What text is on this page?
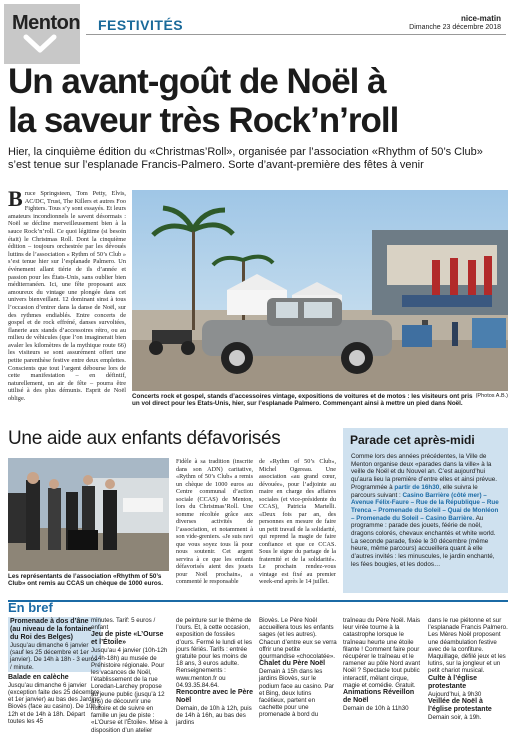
Menton FESTIVITÉS	nice-matin
Dimanche 23 décembre 2018
Un avant-goût de Noël à
la saveur très Rock’n’roll
Hier, la cinquième édition du «Christmas’Roll», organisée par l’association «Rhythm of 50’s Club» s’est tenue sur l’esplanade Francis-Palmero. Sorte d’avant-première des fêtes à venir
Bruce Springsteen, Tom Petty, Elvis, AC/DC, Trust, The Killers et autres Foo Fighters. Tous s’y sont essayés. Et leurs amateurs incondionnels le savent désormais : Noël se déclinе merveilleusement bien à la sauce Rock’n’roll. Ce quoi légitime (si besoin était) le Christmas Roll. Dont la cinquième édition – toujours orchestrée par les dévoués luttins de l’association « Rythm of 50’s Club » s’est tenue hier sur l’esplanade Palmero. Un événement allant tiérie de ils d’année et passion pour les États-Unis, sans oublier bien méditerranéen. Ici, une fête proposant aux amoureux du vintage une plongée dans cet univers bienveillant. 12 dominant sinst à tous l’occasion d’entrer dans la danse de Noël, sur des rythmes endiablés. Entre concerts de gospel et de rock effréné, danses survoltées, flanerie aux stands d’accessoires rétro, ou au milieu de véhicules (que l’on imaginerait bien avaler les kilomètres de la mythique route 66) les visiteurs se sont assurément offert une petite parenthèse festive entre deux emplettes. Conscients que tout l’argent débourse lors de cette manifestation – en défintif, naturellement, un air de fête – pourra être utilisé à des plus démunis. Esprit de Noël oblige.	(Photos A.B.)
Concerts rock et gospel, stands d’accessoires vintage, expositions de voitures et de motos : les visiteurs ont pris un vol direct pour les Etats-Unis, hier, sur l’esplanade Palmero. Commençant ainsi à mettre un pied dans Noël.
Une aide aux enfants défavorisés
Les représentants de l’association «Rhythm of 50’s Club» ont remis au CCAS un chèque de 1000 euros.
Fidèle à sa tradition (inscrite dans son ADN) caritative, «Rythm of 50’s Club» a remis un chèque de 1000 euros au Centre communal d’action sociale (CCAS) de Menton, lors du Christmas’Roll. Une somme récoltée grâce aux diverses activités de l’association, et notamment à son vide-greniers. «Je suis ravi que vous soyez tous là pour nous soutenir. Cet argent servira à ce que les enfants défavorisés aient des jouets pour Noël prochain», a commenté le responsable
de «Rythm of 50’s Club», Michel Ogereau. Une association «au grand cœur, dévouée», pour l’adjointe au maire en charge des affaires sociales (et vice-présidente du CCAS), Patricia Martelli. «Deux fois par an, des personnes en mesure de faire un petit travail de la solidarité, qui reprend la magie de faire confiance et que ce CCAS. Sous le signe du partage de la fraternité et de la solidarité». Le prochain rendez-vous vintage est fixé au premier week-end après le 14 juillet.
Parade cet après-midi
Comme lors des années précédentes, la Ville de Menton organise deux «parades dans la ville» à la veille de Noël et du Nouvel an. C’est aujourd’hui qu’aura lieu la première d’entre elles et ainsi prévue. Programmée à partir de 16h30, elle suivra le parcours suivant : Casino Barrière (côté mer) – Avenue Félix-Faure – Rue de la République – Rue Trenca – Promenade du Soleil – Quai de Monléon – Promenade du Soleil – Casino Barrière. Au programme : parade des jouets, féérie de noël, dragons colorés, chevaux enchantés et white world. La seconde parade, fixée le 30 décembre (même heure, même parcours) accueillera quant à elle d’autres invités : les minuscules, le jardin enchanté, les fées bougies, et les dodos…
En bref
Promenade à dos d’âne (au niveau de la fontaine du Roi des Belges)
Jusqu’au dimanche 6 janvier (sauf les 25 décembre et 1er janvier). De 14h à 18h - 3 euros / minute.
Balade en calèche
Jusqu’au dimanche 6 janvier (exception faite des 25 décembre et 1er janvier) au bas des Jardins Biovès (face au casino). De 10h à 12h et de 14h à 18h. Départ toutes les 45
minutes. Tarif: 5 euros / enfant
Jeu de piste «L’Ourse et l’Étoile»
Jusqu’au 4 janvier (10h-12h / 14h-18h) au musée de Préhistoire régionale. Pour les vacances de Noël, l’établissement de la rue Loredan-Larchey propose au jeune public (jusqu’à 12 ans) de découvrir une histoire et de suivre en famille un jeu de piste : «L’Ourse et l’Étoile». Mise à disposition d’un atelier
de peinture sur le thème de l’ours. Et, à cette occasion, exposition de fossiles d’ours. Fermé le lundi et les jours fériés. Tarifs : entrée gratuite pour les moins de 18 ans, 3 euros adulte. Renseignements : www.menton.fr ou 04.93.35.84.64.
Rencontre avec le Père Noël
Demain, de 10h à 12h, puis de 14h à 16h, au bas des jardins
Biovès. Le Père Noël accueillera tous les enfants sages (et les autres). Chacun d’entre eux se verra offrir une petite gourmandise «chocolatée».
Chalet du Père Noël
Demain à 15h dans les jardins Biovès, sur le podium face au casino. Par et Bing, deux lutins facétieux, partent en cachette pour une promenade à bord du
traîneau du Père Noël. Mais leur virée tourne à la catastrophe lorsque le traîneau heurte une étoile filante ! Comment faire pour récupérer le traîneau et le ramener au pôle Nord avant Noël ? Spectacle tout public interactif, mêlant cirque, magie et comédie. Gratuit.
Animations Réveillon de Noël
Demain de 10h à 11h30
dans le rue piétonne et sur l’esplanade Francis Palmero. Les Mères Noël proposent une déambulation festive avec de la confiture. Maquillage, défilé jeux et les lutins, sur la jongleur et un petit chariot musical.
Culte à l’église protestante
Aujourd’hui, à 9h30
Veillée de Noël à l’église protestante
Demain soir, à 19h.
